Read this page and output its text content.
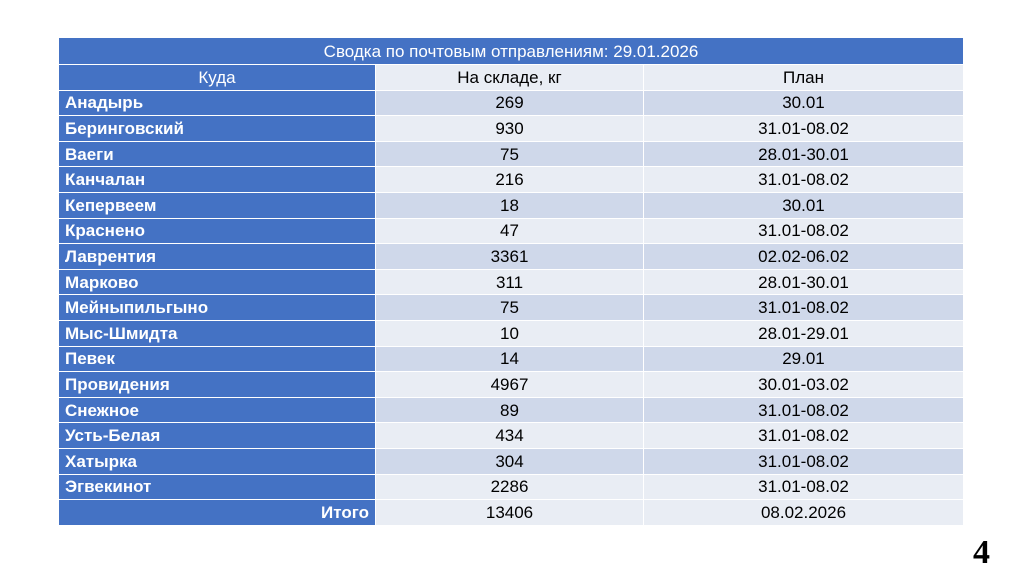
Сводка по почтовым отправлениям: 29.01.2026		
Куда	На складе, кг	План
Анадырь	269	30.01
Беринговский	930	31.01-08.02
Ваеги	75	28.01-30.01
Канчалан	216	31.01-08.02
Кепервеем	18	30.01
Краснено	47	31.01-08.02
Лаврентия	3361	02.02-06.02
Марково	311	28.01-30.01
Мейныпильгыно	75	31.01-08.02
Мыс-Шмидта	10	28.01-29.01
Певек	14	29.01
Провидения	4967	30.01-03.02
Снежное	89	31.01-08.02
Усть-Белая	434	31.01-08.02
Хатырка	304	31.01-08.02
Эгвекинот	2286	31.01-08.02
Итого	13406	08.02.2026
4
